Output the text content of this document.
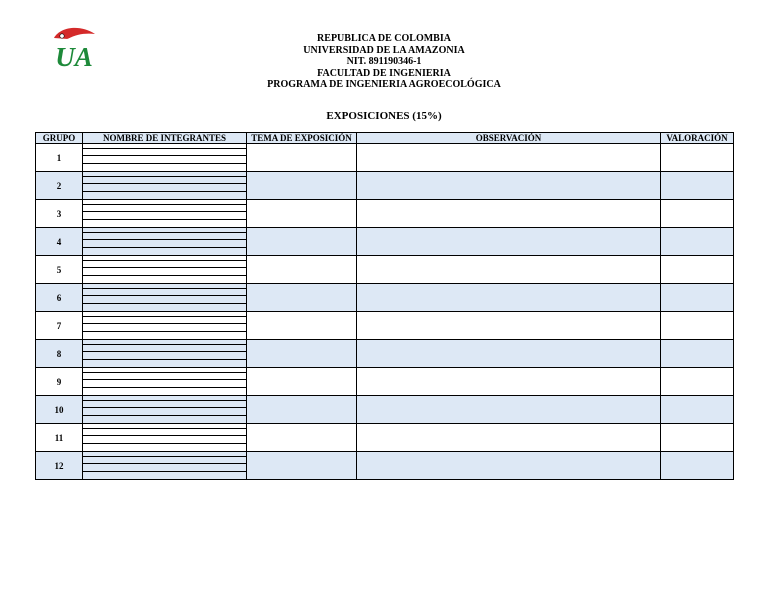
UA
REPUBLICA DE COLOMBIA
UNIVERSIDAD DE LA AMAZONIA
NIT. 891190346-1
FACULTAD DE INGENIERIA
PROGRAMA DE INGENIERIA AGROECOLÓGICA
EXPOSICIONES (15%)
GRUPO	NOMBRE DE INTEGRANTES	TEMA DE EXPOSICIÓN	OBSERVACIÓN	VALORACIÓN
1	

2	

3	

4	

5	

6	

7	

8	

9	

10	

11	

12	
